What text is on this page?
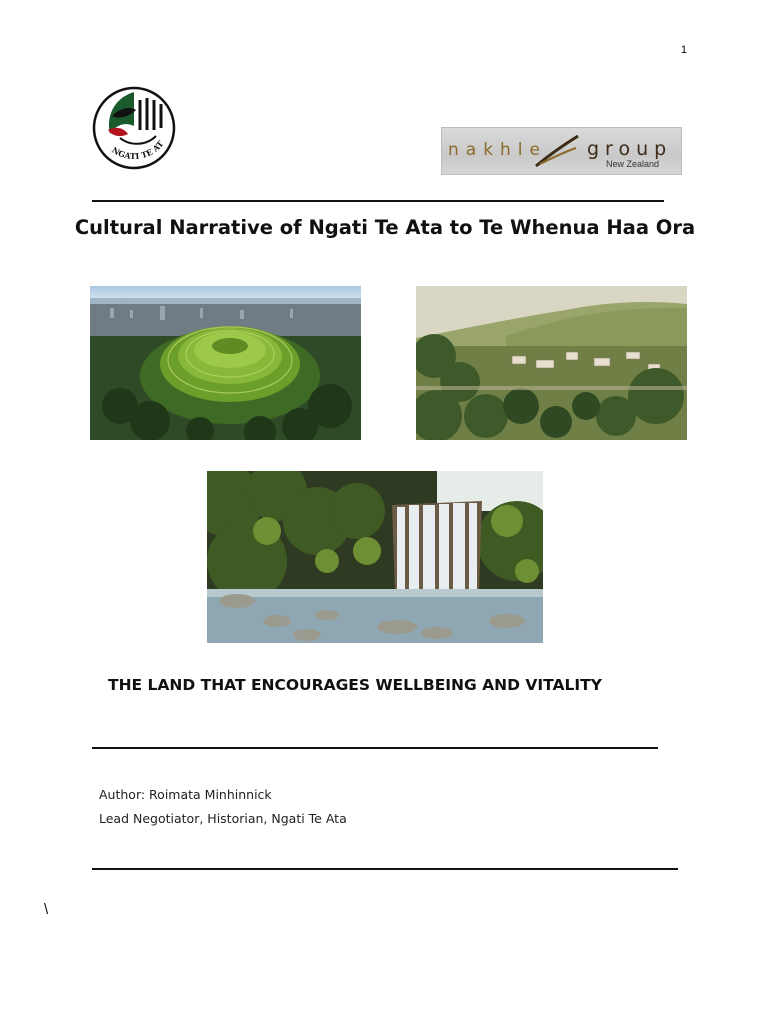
1
NGATI TE AT	nakhle group
New Zealand
Cultural Narrative of Ngati Te Ata to Te Whenua Haa Ora
THE LAND THAT ENCOURAGES WELLBEING AND VITALITY
Author: Roimata Minhinnick
Lead Negotiator, Historian, Ngati Te Ata
\
